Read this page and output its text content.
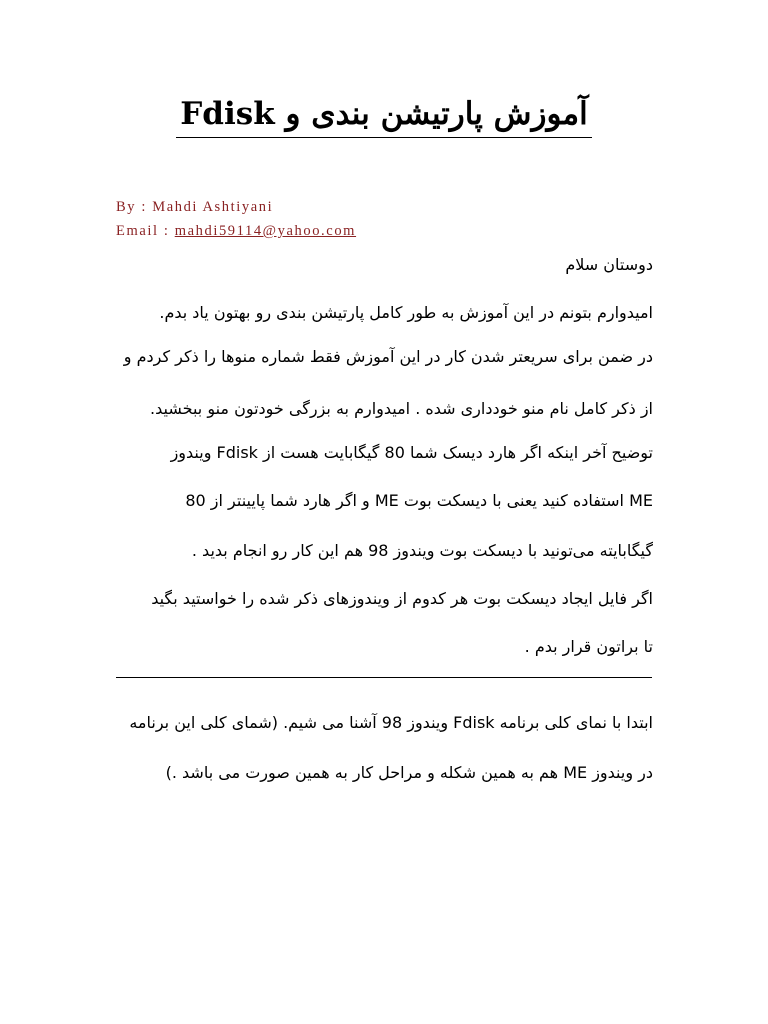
آموزش پارتیشن بندی و Fdisk
By : Mahdi Ashtiyani
Email : mahdi59114@yahoo.com
دوستان سلام
امیدوارم بتونم در این آموزش به طور کامل پارتیشن بندی رو بهتون یاد بدم.
در ضمن برای سریعتر شدن کار در این آموزش فقط شماره منوها را ذکر کردم و
از ذکر کامل نام منو خودداری شده . امیدوارم به بزرگی خودتون منو ببخشید.
توضیح آخر اینکه اگر هارد دیسک شما 80 گیگابایت هست از Fdisk ویندوز
ME استفاده کنید یعنی با دیسکت بوت ME و اگر هارد شما پایینتر از 80
گیگابایته می‌تونید با دیسکت بوت ویندوز 98 هم این کار رو انجام بدید .
اگر فایل ایجاد دیسکت بوت هر کدوم از ویندوزهای ذکر شده را خواستید بگید
تا براتون قرار بدم .
ابتدا با نمای کلی برنامه Fdisk ویندوز 98 آشنا می شیم. (شمای کلی این برنامه
در ویندوز ME هم به همین شکله و مراحل کار به همین صورت می باشد .)
